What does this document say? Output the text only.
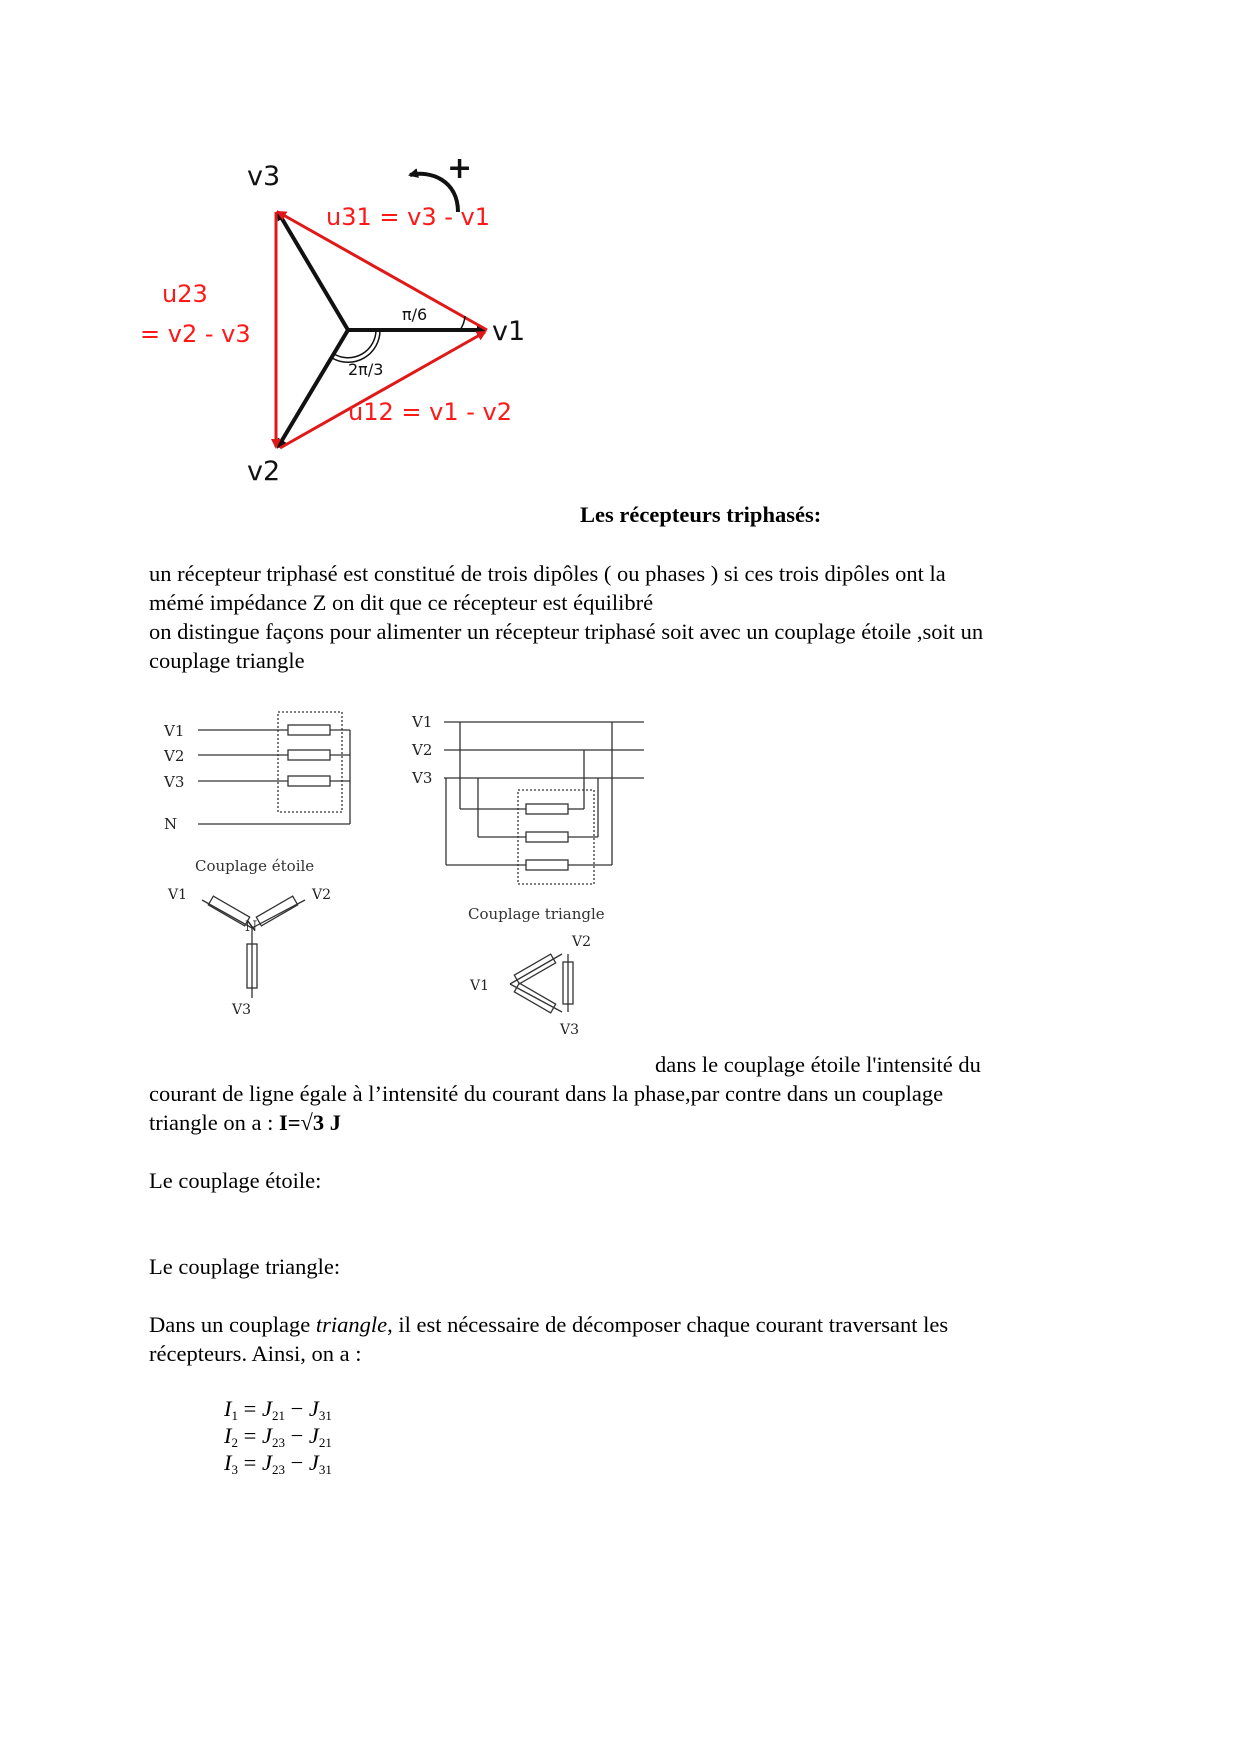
v3
v1
v2
+
u31 = v3 - v1
u23
= v2 - v3
u12 = v1 - v2
π/6
2π/3
Les récepteurs triphasés:

un récepteur triphasé est constitué de trois dipôles ( ou phases ) si ces trois dipôles ont la

mémé impédance Z on dit que ce récepteur est équilibré

on distingue façons pour alimenter un récepteur triphasé soit avec un couplage étoile ,soit un

couplage triangle

V1
V2
V3
N
Couplage étoile
V1	V2
N
V3
V1
V2
V3
Couplage triangle
V2
V1
V3

dans le couplage étoile l'intensité du

courant de ligne égale à l’intensité du courant dans la phase,par contre dans un couplage

triangle on a : I=√3 J

Le couplage étoile:

Le couplage triangle:

Dans un couplage triangle, il est nécessaire de décomposer chaque courant traversant les

récepteurs. Ainsi, on a :

$I_1 = J_{21} - J_{31}$
$I_2 = J_{23} - J_{21}$
$I_3 = J_{23} - J_{31}$
